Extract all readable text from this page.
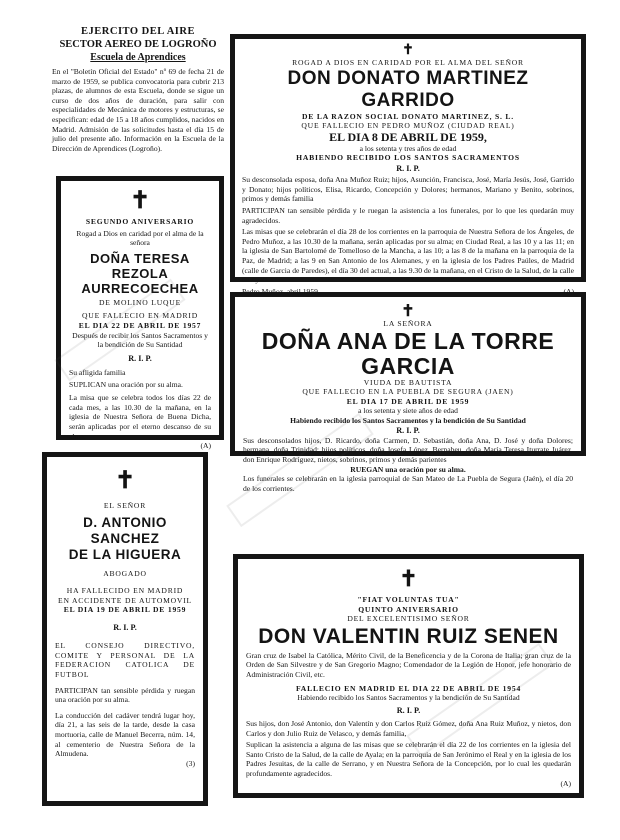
EJERCITO DEL AIRE
SECTOR AEREO DE LOGROÑO
Escuela de Aprendices

En el "Boletín Oficial del Estado" nº 69 de fecha 21 de marzo de 1959, se publica convocatoria para cubrir 213 plazas, de alumnos de esta Escuela, donde se sigue un curso de dos años de duración, para salir con especialidades de Mecánica de motores y estructuras, se especifican: edad de 15 a 18 años cumplidos, nacidos en Madrid. Admisión de las solicitudes hasta el día 15 de julio del presente año. Información en la Escuela de la Dirección de Aprendices (Logroño).

✝
ROGAD A DIOS EN CARIDAD POR EL ALMA DEL SEÑOR
DON DONATO MARTINEZ GARRIDO
DE LA RAZON SOCIAL DONATO MARTINEZ, S. L.
QUE FALLECIO EN PEDRO MUÑOZ (CIUDAD REAL)
EL DIA 8 DE ABRIL DE 1959,
a los setenta y tres años de edad
HABIENDO RECIBIDO LOS SANTOS SACRAMENTOS
R. I. P.

Su desconsolada esposa, doña Ana Muñoz Ruiz; hijos, Asunción, Francisca, José, María Jesús, José, Garrido y Donato; hijos políticos, Elisa, Ricardo, Concepción y Dolores; hermanos, Mariano y Benito, sobrinos, primos y demás familia

PARTICIPAN tan sensible pérdida y le ruegan la asistencia a los funerales, por lo que les quedarán muy agradecidos.

Las misas que se celebrarán el día 28 de los corrientes en la parroquia de Nuestra Señora de los Ángeles, de Pedro Muñoz, a las 10.30 de la mañana, serán aplicadas por su alma; en Ciudad Real, a las 10 y a las 11; en la iglesia de San Bartolomé de Tomelloso de la Mancha, a las 10; a las 8 de la mañana en la parroquia de la Paz, de Madrid; a las 9 en San Antonio de los Alemanes, y en la iglesia de los Padres Paúles, de Madrid (calle de Garcia de Paredes), el día 30 del actual, a las 9.30 de la mañana, en el Cristo de la Salud, de la calle de Ayala.

✝
SEGUNDO ANIVERSARIO
Rogad a Dios en caridad por el alma de la señora
DOÑA TERESA REZOLA
AURRECOECHEA
DE MOLINO LUQUE
QUE FALLECIO EN MADRID
EL DIA 22 DE ABRIL DE 1957
Después de recibir los Santos Sacramentos y la bendición de Su Santidad
R. I. P.
Su afligida familia
SUPLICAN una oración por su alma.

La misa que se celebra todos los días 22 de cada mes, a las 10.30 de la mañana, en la iglesia de Nuestra Señora de Buena Dicha, serán aplicadas por el eterno descanso de su alma.

(A)
✝
LA SEÑORA
DOÑA ANA DE LA TORRE
GARCIA
VIUDA DE BAUTISTA
QUE FALLECIO EN LA PUEBLA DE SEGURA (JAEN)
EL DIA 17 DE ABRIL DE 1959
a los setenta y siete años de edad
Habiendo recibido los Santos Sacramentos y la bendición de Su Santidad
R. I. P.

Sus desconsolados hijos, D. Ricardo, doña Carmen, D. Sebastián, doña Ana, D. José y doña Dolores; hermana, doña Trinidad; hijos políticos, doña Josefa López, Bernabeu, doña María Teresa Iturrate Juárez, don Enrique Rodríguez, nietos, sobrinos, primos y demás parientes

RUEGAN una oración por su alma.

Los funerales se celebrarán en la iglesia parroquial de San Mateo de La Puebla de Segura (Jaén), el día 20 de los corrientes.

✝
EL SEÑOR
D. ANTONIO SANCHEZ
DE LA HIGUERA
ABOGADO
HA FALLECIDO EN MADRID
EN ACCIDENTE DE AUTOMOVIL
EL DIA 19 DE ABRIL DE 1959
R. I. P.

EL CONSEJO DIRECTIVO, COMITE Y PERSONAL DE LA FEDERACION CATOLICA DE FUTBOL

PARTICIPAN tan sensible pérdida y ruegan una oración por su alma.

La conducción del cadáver tendrá lugar hoy, día 21, a las seis de la tarde, desde la casa mortuoria, calle de Manuel Becerra, núm. 14, al cementerio de Nuestra Señora de la Almudena.

(3)
✝
"FIAT VOLUNTAS TUA"
QUINTO ANIVERSARIO
DEL EXCELENTISIMO SEÑOR
DON VALENTIN RUIZ SENEN

Gran cruz de Isabel la Católica, Mérito Civil, de la Beneficencia y de la Corona de Italia; gran cruz de la Orden de San Silvestre y de San Gregorio Magno; Comendador de la Legión de Honor, jefe honorario de Administración Civil, etc.

FALLECIO EN MADRID EL DIA 22 DE ABRIL DE 1954
Habiendo recibido los Santos Sacramentos y la bendición de Su Santidad
R. I. P.

Sus hijos, don José Antonio, don Valentín y don Carlos Ruiz Gómez, doña Ana Ruiz Muñoz, y nietos, don Carlos y don Julio Ruiz de Velasco, y demás familia,

Suplican la asistencia a alguna de las misas que se celebrarán el día 22 de los corrientes en la iglesia del Santo Cristo de la Salud, de la calle de Ayala; en la parroquia de San Jerónimo el Real y en la iglesia de los Padres Jesuitas, de la calle de Serrano, y en Nuestra Señora de la Concepción, por lo cual les quedarán profundamente agradecidos.

(A)
